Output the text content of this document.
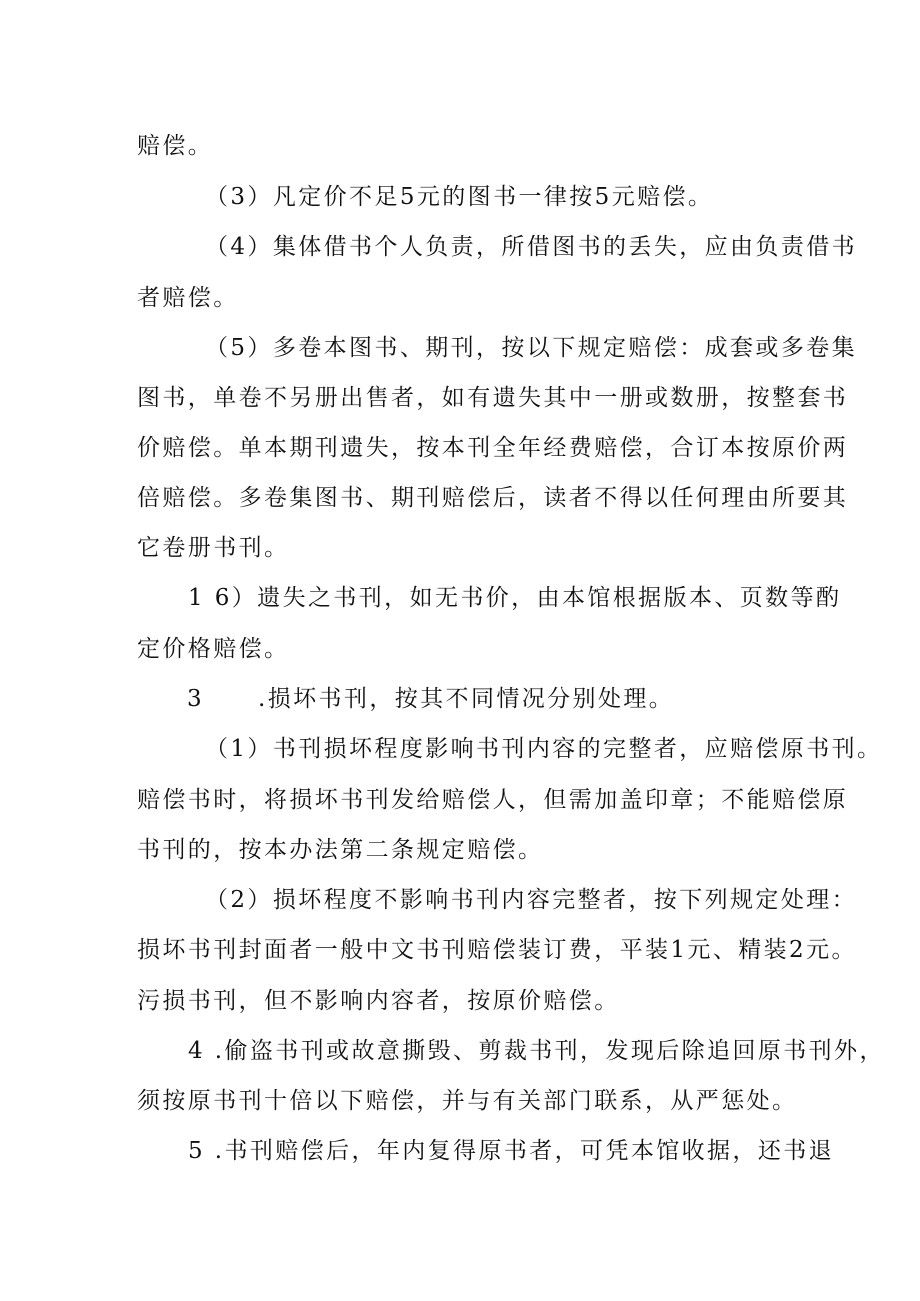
赔偿。
（3）凡定价不足5元的图书一律按5元赔偿。
（4）集体借书个人负责，所借图书的丢失，应由负责借书
者赔偿。
（5）多卷本图书、期刊，按以下规定赔偿：成套或多卷集
图书，单卷不另册出售者，如有遗失其中一册或数册，按整套书
价赔偿。单本期刊遗失，按本刊全年经费赔偿，合订本按原价两
倍赔偿。多卷集图书、期刊赔偿后，读者不得以任何理由所要其
它卷册书刊。
1 6）遗失之书刊，如无书价，由本馆根据版本、页数等酌
定价格赔偿。
3 .损坏书刊，按其不同情况分别处理。
（1）书刊损坏程度影响书刊内容的完整者，应赔偿原书刊。
赔偿书时，将损坏书刊发给赔偿人，但需加盖印章；不能赔偿原
书刊的，按本办法第二条规定赔偿。
（2）损坏程度不影响书刊内容完整者，按下列规定处理：
损坏书刊封面者一般中文书刊赔偿装订费，平装1元、精装2元。
污损书刊，但不影响内容者，按原价赔偿。
4 .偷盗书刊或故意撕毁、剪裁书刊，发现后除追回原书刊外，
须按原书刊十倍以下赔偿，并与有关部门联系，从严惩处。
5 .书刊赔偿后，年内复得原书者，可凭本馆收据，还书退
